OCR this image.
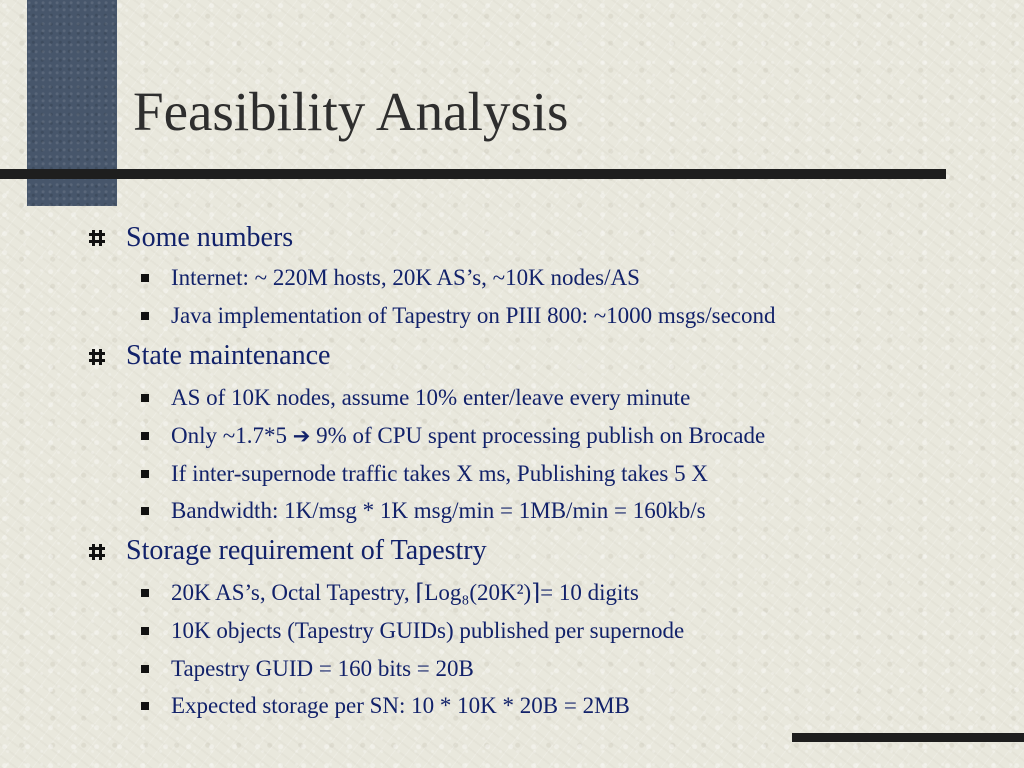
Feasibility Analysis
Some numbers
Internet: ~ 220M hosts, 20K AS’s, ~10K nodes/AS
Java implementation of Tapestry on PIII 800: ~1000 msgs/second
State maintenance
AS of 10K nodes, assume 10% enter/leave every minute
Only ~1.7*5 ➔ 9% of CPU spent processing publish on Brocade
If inter-supernode traffic takes X ms, Publishing takes 5 X
Bandwidth: 1K/msg * 1K msg/min = 1MB/min = 160kb/s
Storage requirement of Tapestry
20K AS’s, Octal Tapestry, ⌈Log₈(20K²)⌉= 10 digits
10K objects (Tapestry GUIDs) published per supernode
Tapestry GUID = 160 bits = 20B
Expected storage per SN: 10 * 10K * 20B = 2MB
